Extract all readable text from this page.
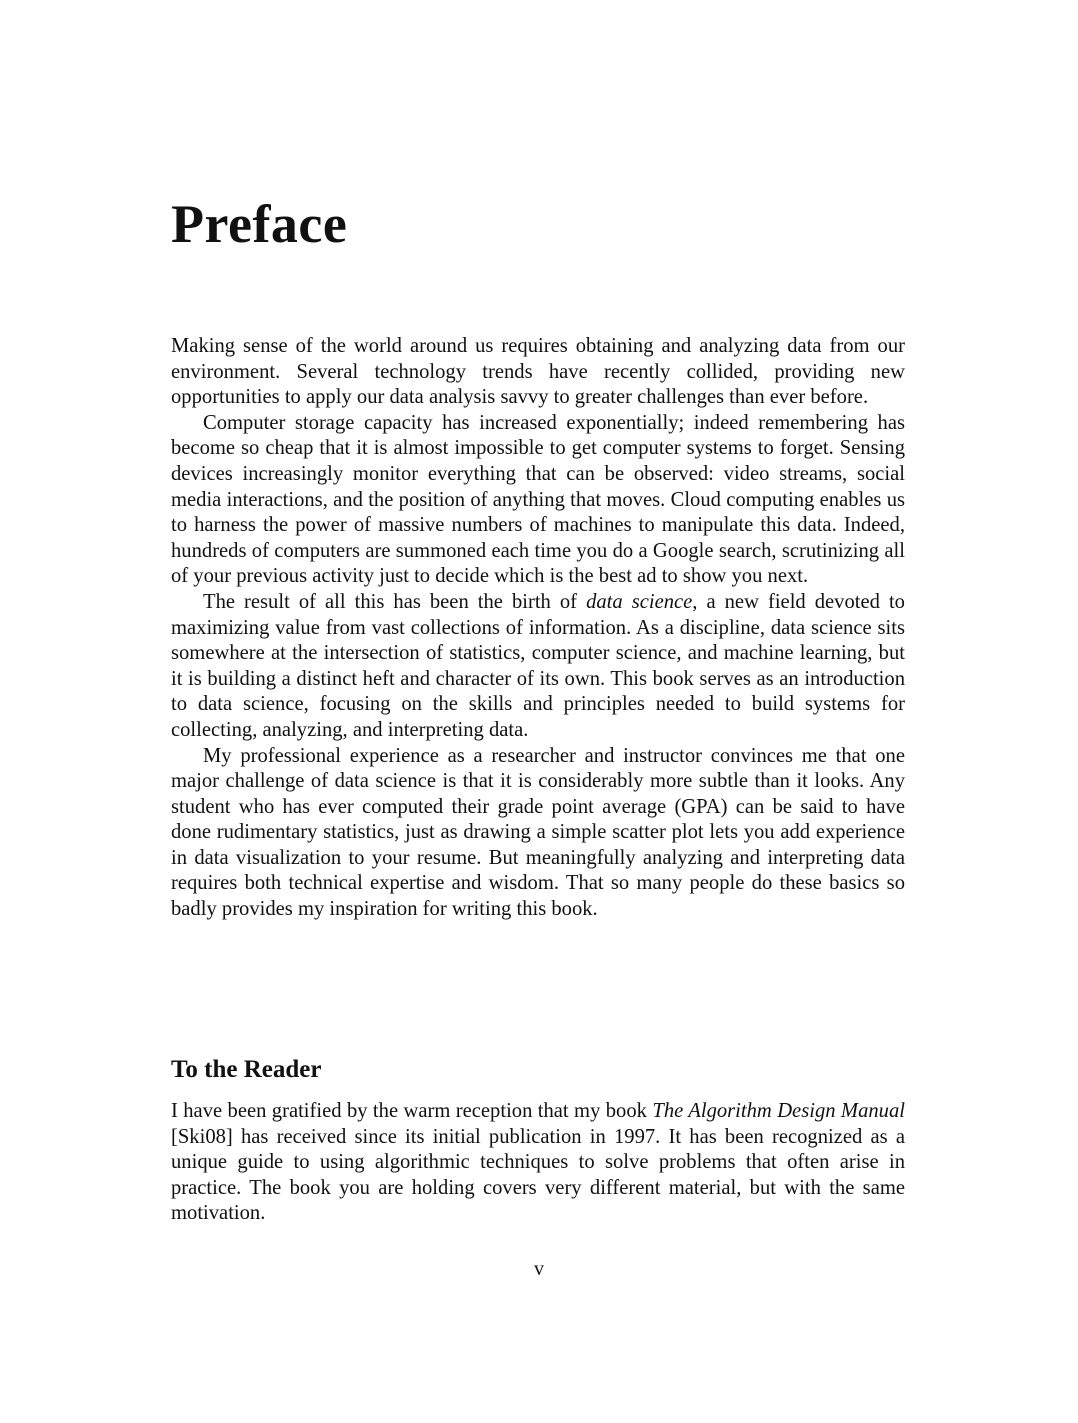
Preface

Making sense of the world around us requires obtaining and analyzing data from our environment. Several technology trends have recently collided, providing new opportunities to apply our data analysis savvy to greater challenges than ever before.

Computer storage capacity has increased exponentially; indeed remembering has become so cheap that it is almost impossible to get computer systems to forget. Sensing devices increasingly monitor everything that can be observed: video streams, social media interactions, and the position of anything that moves. Cloud computing enables us to harness the power of massive numbers of machines to manipulate this data. Indeed, hundreds of computers are summoned each time you do a Google search, scrutinizing all of your previous activity just to decide which is the best ad to show you next.

The result of all this has been the birth of data science, a new field devoted to maximizing value from vast collections of information. As a discipline, data science sits somewhere at the intersection of statistics, computer science, and machine learning, but it is building a distinct heft and character of its own. This book serves as an introduction to data science, focusing on the skills and principles needed to build systems for collecting, analyzing, and interpreting data.

My professional experience as a researcher and instructor convinces me that one major challenge of data science is that it is considerably more subtle than it looks. Any student who has ever computed their grade point average (GPA) can be said to have done rudimentary statistics, just as drawing a simple scatter plot lets you add experience in data visualization to your resume. But meaningfully analyzing and interpreting data requires both technical expertise and wisdom. That so many people do these basics so badly provides my inspiration for writing this book.

To the Reader

I have been gratified by the warm reception that my book The Algorithm Design Manual [Ski08] has received since its initial publication in 1997. It has been recognized as a unique guide to using algorithmic techniques to solve problems that often arise in practice. The book you are holding covers very different material, but with the same motivation.

v
